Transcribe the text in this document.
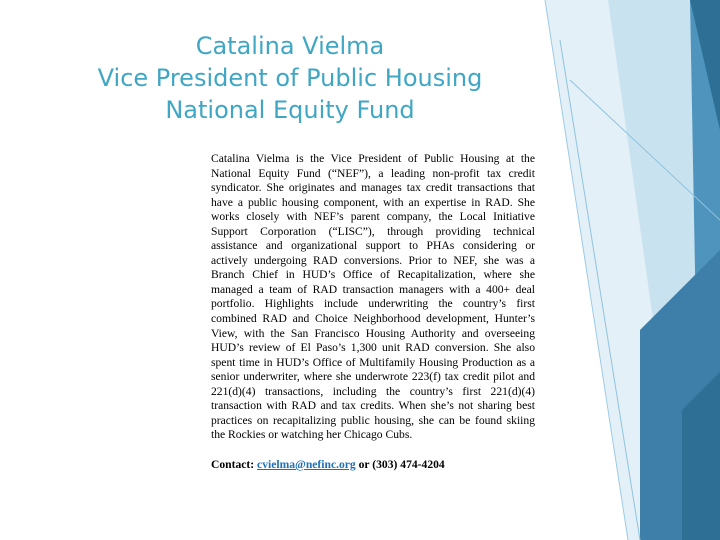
Catalina Vielma
Vice President of Public Housing
National Equity Fund

Catalina Vielma is the Vice President of Public Housing at the National Equity Fund (“NEF”), a leading non-profit tax credit syndicator. She originates and manages tax credit transactions that have a public housing component, with an expertise in RAD. She works closely with NEF’s parent company, the Local Initiative Support Corporation (“LISC”), through providing technical assistance and organizational support to PHAs considering or actively undergoing RAD conversions. Prior to NEF, she was a Branch Chief in HUD’s Office of Recapitalization, where she managed a team of RAD transaction managers with a 400+ deal portfolio. Highlights include underwriting the country’s first combined RAD and Choice Neighborhood development, Hunter’s View, with the San Francisco Housing Authority and overseeing HUD’s review of El Paso’s 1,300 unit RAD conversion. She also spent time in HUD’s Office of Multifamily Housing Production as a senior underwriter, where she underwrote 223(f) tax credit pilot and 221(d)(4) transactions, including the country’s first 221(d)(4) transaction with RAD and tax credits. When she’s not sharing best practices on recapitalizing public housing, she can be found skiing the Rockies or watching her Chicago Cubs.

Contact: cvielma@nefinc.org or (303) 474-4204
